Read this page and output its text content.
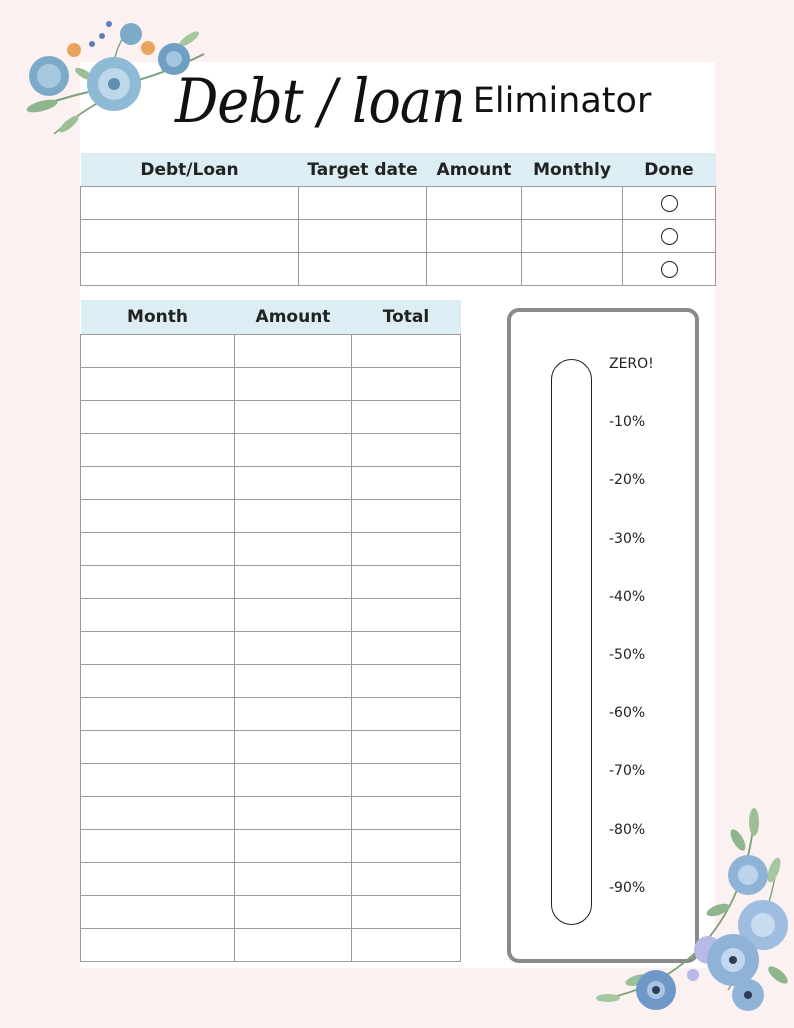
Debt / loan Eliminator
Debt/Loan	Target date	Amount	Monthly	Done

Month	Amount	Total

ZERO!
-10%
-20%
-30%
-40%
-50%
-60%
-70%
-80%
-90%
